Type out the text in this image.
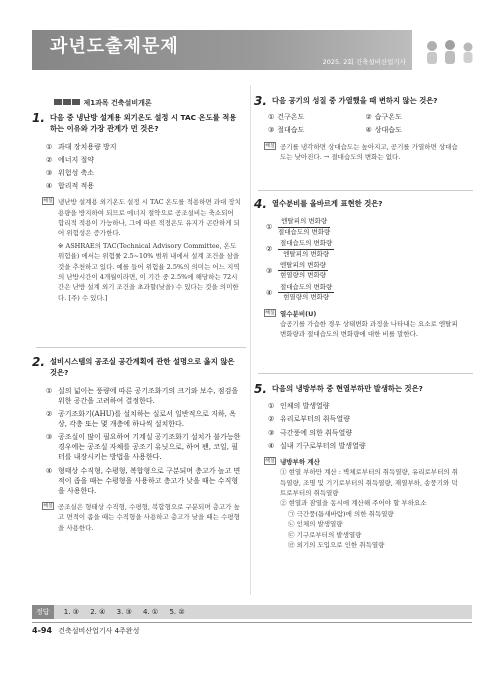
과년도출제문제
2025. 2회 건축설비산업기사
제1과목 건축설비개론
1. 다음 중 냉난방 설계용 외기온도 설정 시 TAC 온도를 적용하는 이유와 가장 관계가 먼 것은?
① 과대 장치용량 방지
② 에너지 절약
③ 위험성 축소
④ 합리적 적용
해설 냉난방 설계용 외기온도 설정 시 TAC 온도를 적용하면 과대 장치용량을 방지하여 되므로 에너지 절약으로 공조설비는 축소되어 합리적 적용이 가능하나, 그에 따른 적정온도 유지가 곤란하게 되어 위험성은 증가한다.
※ ASHRAE의 TAC(Technical Advisory Committee, 온도위험율) 에서는 위험률 2.5~10% 범위 내에서 설계 조건을 삼을 것을 추천하고 있다. 예를 들어 위험율 2.5%의 의미는 어느 지역의 난방시간이 4개월이라면, 이 기간 중 2.5%에 해당하는 72시간은 난방 설계 외기 조건을 초과할(낮을) 수 있다는 것을 의미한다. [주) 수 있다.]
2. 설비시스템의 공조실 공간계획에 관한 설명으로 옳지 않은 것은?
① 실의 넓이는 풍량에 따른 공기조화기의 크기와 보수, 점검을 위한 공간을 고려하여 결정한다.
② 공기조화기(AHU)를 설치하는 실로서 일반적으로 지하, 옥상, 각층 또는 몇 개층에 하나씩 설치한다.
③ 공조실이 많이 필요하여 기계실 공기조화기 설치가 불가능한 경우에는 공조실 자체를 공조기 유닛으로, 하여 팬, 코일, 필터를 내장시키는 방법을 사용한다.
④ 형태상 수직형, 수평형, 복합형으로 구분되며 층고가 높고 면적이 좁을 때는 수평형을 사용하고 층고가 낮을 때는 수직형을 사용한다.
해설 공조실은 형태상 수직형, 수평형, 복합형으로 구분되며 층고가 높고 면적이 좁을 때는 수직형을 사용하고 층고가 낮을 때는 수평형을 사용한다.
3. 다음 공기의 성질 중 가열했을 때 변하지 않는 것은?
① 건구온도	② 습구온도
③ 절대습도	④ 상대습도
해설 공기를 냉각하면 상대습도는 높아지고, 공기를 가열하면 상대습도는 낮아진다. → 절대습도의 변화는 없다.
4. 열수분비를 올바르게 표현한 것은?
① $\frac{\text{엔탈피의 변화량}}{\text{절대습도의 변화량}}$
② $\frac{\text{절대습도의 변화량}}{\text{엔탈피의 변화량}}$
③ $\frac{\text{엔탈피의 변화량}}{\text{현열량의 변화량}}$
④ $\frac{\text{절대습도의 변화량}}{\text{현열량의 변화량}}$
해설 열수분비(U)
습공기를 가습한 경우 상태변화 과정을 나타내는 요소로 엔탈피 변화량과 절대습도의 변화량에 대한 비를 말한다.
5. 다음의 냉방부하 중 현열부하만 발생하는 것은?
① 인체의 발생열량
② 유리로부터의 취득열량
③ 극간풍에 의한 취득열량
④ 실내 기구로부터의 발생열량
해설 냉방부하 계산
① 현열 부하만 계산 : 벽체로부터의 취득열량, 유리로부터의 취득열량, 조명 및 기기로부터의 취득열량, 재열부하, 송풍기와 덕트로부터의 취득열량
② 현열과 잠열을 동시에 계산해 주어야 할 부하요소
㉠ 극간풍(틈새바람)에 의한 취득열량
㉡ 인체의 발생열량
㉢ 기구로부터의 발생열량
㉣ 외기의 도입으로 인한 취득열량
정답 1. ③ 2. ④ 3. ③ 4. ① 5. ②
4-94 건축설비산업기사 4주완성
